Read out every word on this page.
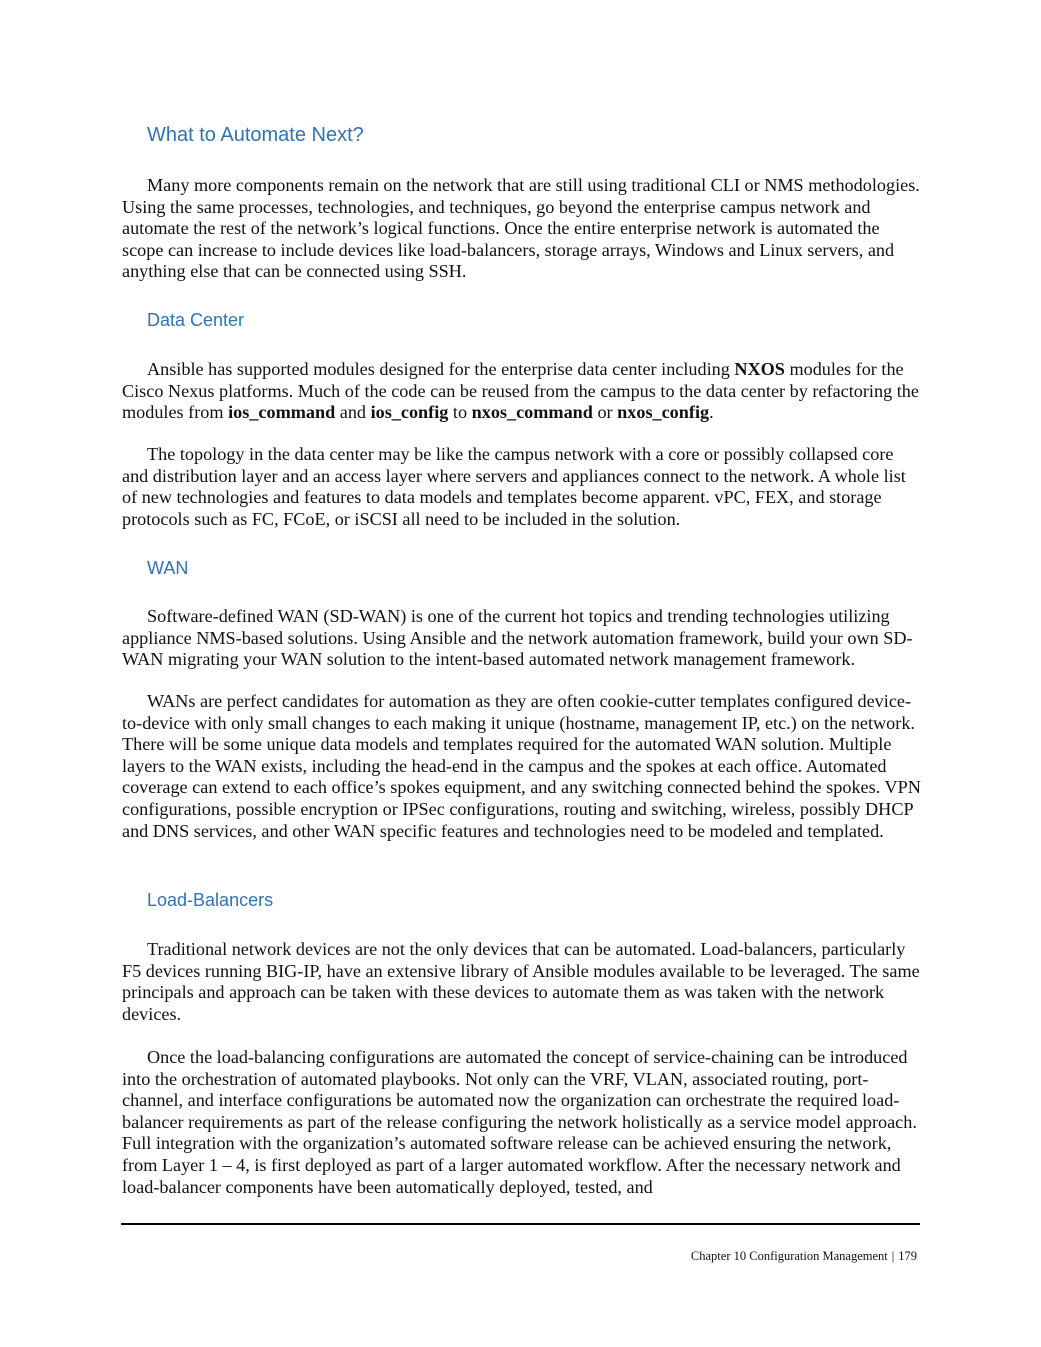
What to Automate Next?

Many more components remain on the network that are still using traditional CLI or NMS methodologies. Using the same processes, technologies, and techniques, go beyond the enterprise campus network and automate the rest of the network’s logical functions. Once the entire enterprise network is automated the scope can increase to include devices like load-balancers, storage arrays, Windows and Linux servers, and anything else that can be connected using SSH.

Data Center

Ansible has supported modules designed for the enterprise data center including NXOS modules for the Cisco Nexus platforms. Much of the code can be reused from the campus to the data center by refactoring the modules from ios_command and ios_config to nxos_command or nxos_config.

The topology in the data center may be like the campus network with a core or possibly collapsed core and distribution layer and an access layer where servers and appliances connect to the network. A whole list of new technologies and features to data models and templates become apparent. vPC, FEX, and storage protocols such as FC, FCoE, or iSCSI all need to be included in the solution.

WAN

Software-defined WAN (SD-WAN) is one of the current hot topics and trending technologies utilizing appliance NMS-based solutions. Using Ansible and the network automation framework, build your own SD-WAN migrating your WAN solution to the intent-based automated network management framework.

WANs are perfect candidates for automation as they are often cookie-cutter templates configured device-to-device with only small changes to each making it unique (hostname, management IP, etc.) on the network. There will be some unique data models and templates required for the automated WAN solution. Multiple layers to the WAN exists, including the head-end in the campus and the spokes at each office. Automated coverage can extend to each office’s spokes equipment, and any switching connected behind the spokes. VPN configurations, possible encryption or IPSec configurations, routing and switching, wireless, possibly DHCP and DNS services, and other WAN specific features and technologies need to be modeled and templated.

Load-Balancers

Traditional network devices are not the only devices that can be automated. Load-balancers, particularly F5 devices running BIG-IP, have an extensive library of Ansible modules available to be leveraged. The same principals and approach can be taken with these devices to automate them as was taken with the network devices.

Once the load-balancing configurations are automated the concept of service-chaining can be introduced into the orchestration of automated playbooks. Not only can the VRF, VLAN, associated routing, port-channel, and interface configurations be automated now the organization can orchestrate the required load-balancer requirements as part of the release configuring the network holistically as a service model approach. Full integration with the organization’s automated software release can be achieved ensuring the network, from Layer 1 – 4, is first deployed as part of a larger automated workflow. After the necessary network and load-balancer components have been automatically deployed, tested, and

Chapter 10 Configuration Management | 179
